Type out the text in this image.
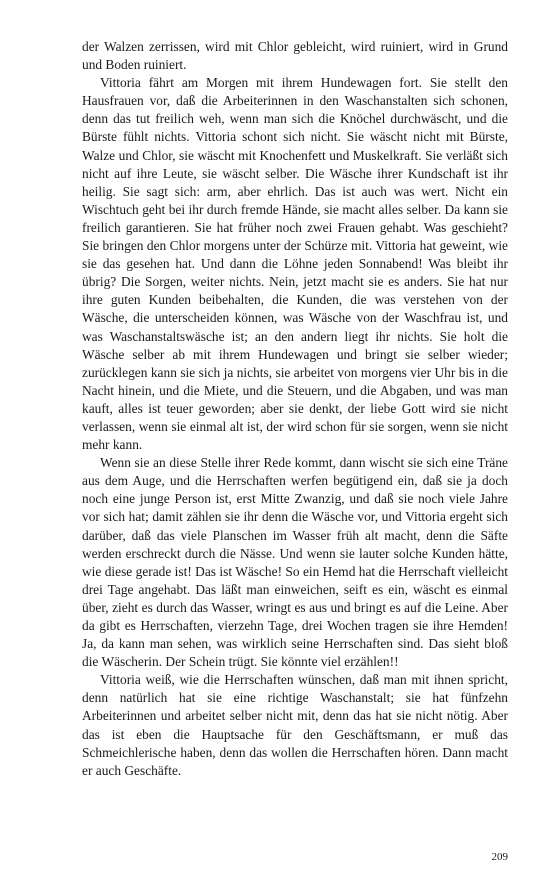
der Walzen zerrissen, wird mit Chlor gebleicht, wird ruiniert, wird in Grund und Boden ruiniert.

Vittoria fährt am Morgen mit ihrem Hundewagen fort. Sie stellt den Hausfrauen vor, daß die Arbeiterinnen in den Waschanstalten sich schonen, denn das tut freilich weh, wenn man sich die Knöchel durchwäscht, und die Bürste fühlt nichts. Vittoria schont sich nicht. Sie wäscht nicht mit Bürste, Walze und Chlor, sie wäscht mit Knochenfett und Muskelkraft. Sie verläßt sich nicht auf ihre Leute, sie wäscht selber. Die Wäsche ihrer Kundschaft ist ihr heilig. Sie sagt sich: arm, aber ehrlich. Das ist auch was wert. Nicht ein Wischtuch geht bei ihr durch fremde Hände, sie macht alles selber. Da kann sie freilich garantieren. Sie hat früher noch zwei Frauen gehabt. Was geschieht? Sie bringen den Chlor morgens unter der Schürze mit. Vittoria hat geweint, wie sie das gesehen hat. Und dann die Löhne jeden Sonnabend! Was bleibt ihr übrig? Die Sorgen, weiter nichts. Nein, jetzt macht sie es anders. Sie hat nur ihre guten Kunden beibehalten, die Kunden, die was verstehen von der Wäsche, die unterscheiden können, was Wäsche von der Waschfrau ist, und was Waschanstaltswäsche ist; an den andern liegt ihr nichts. Sie holt die Wäsche selber ab mit ihrem Hundewagen und bringt sie selber wieder; zurücklegen kann sie sich ja nichts, sie arbeitet von morgens vier Uhr bis in die Nacht hinein, und die Miete, und die Steuern, und die Abgaben, und was man kauft, alles ist teuer geworden; aber sie denkt, der liebe Gott wird sie nicht verlassen, wenn sie einmal alt ist, der wird schon für sie sorgen, wenn sie nicht mehr kann.

Wenn sie an diese Stelle ihrer Rede kommt, dann wischt sie sich eine Träne aus dem Auge, und die Herrschaften werfen begütigend ein, daß sie ja doch noch eine junge Person ist, erst Mitte Zwanzig, und daß sie noch viele Jahre vor sich hat; damit zählen sie ihr denn die Wäsche vor, und Vittoria ergeht sich darüber, daß das viele Planschen im Wasser früh alt macht, denn die Säfte werden erschreckt durch die Nässe. Und wenn sie lauter solche Kunden hätte, wie diese gerade ist! Das ist Wäsche! So ein Hemd hat die Herrschaft vielleicht drei Tage angehabt. Das läßt man einweichen, seift es ein, wäscht es einmal über, zieht es durch das Wasser, wringt es aus und bringt es auf die Leine. Aber da gibt es Herrschaften, vierzehn Tage, drei Wochen tragen sie ihre Hemden! Ja, da kann man sehen, was wirklich seine Herrschaften sind. Das sieht bloß die Wäscherin. Der Schein trügt. Sie könnte viel erzählen!!

Vittoria weiß, wie die Herrschaften wünschen, daß man mit ihnen spricht, denn natürlich hat sie eine richtige Waschanstalt; sie hat fünfzehn Arbeiterinnen und arbeitet selber nicht mit, denn das hat sie nicht nötig. Aber das ist eben die Hauptsache für den Geschäftsmann, er muß das Schmeichlerische haben, denn das wollen die Herrschaften hören. Dann macht er auch Geschäfte.

209
